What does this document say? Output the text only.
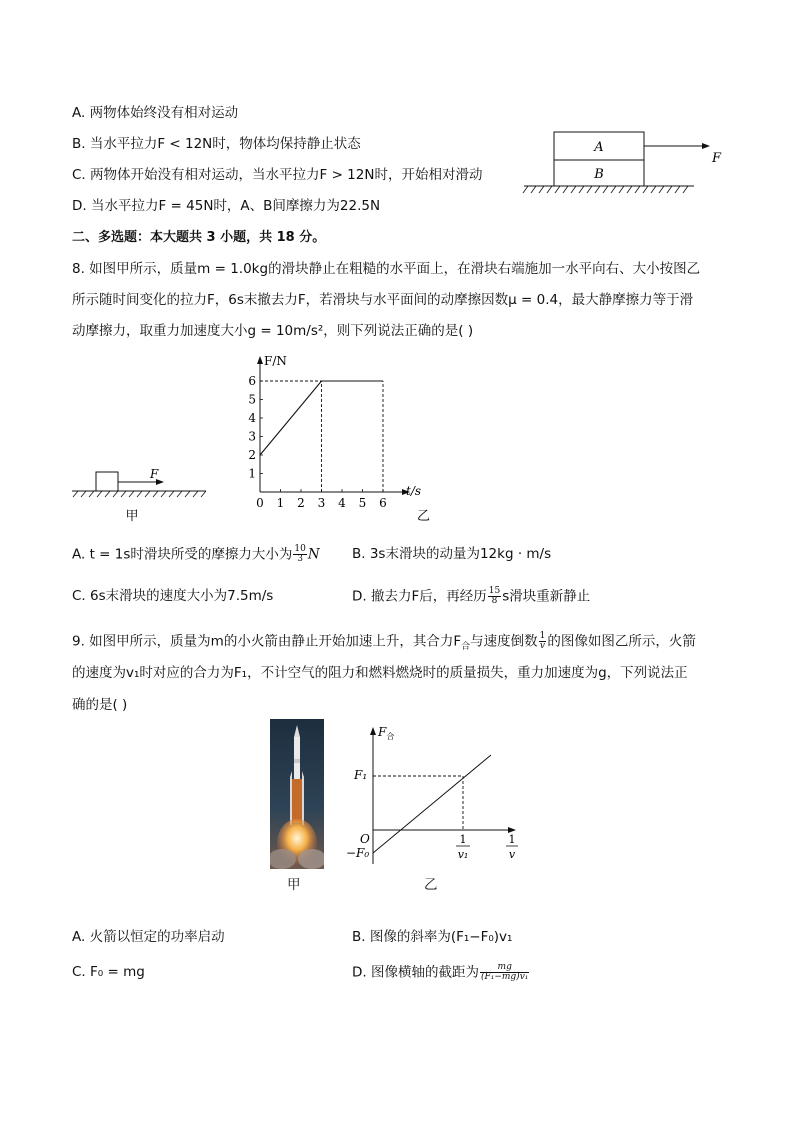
A. 两物体始终没有相对运动
B. 当水平拉力F < 12N时，物体均保持静止状态
C. 两物体开始没有相对运动，当水平拉力F > 12N时，开始相对滑动
D. 当水平拉力F = 45N时，A、B间摩擦力为22.5N
A
B
F
二、多选题：本大题共 3 小题，共 18 分。
8. 如图甲所示，质量m = 1.0kg的滑块静止在粗糙的水平面上，在滑块右端施加一水平向右、大小按图乙
所示随时间变化的拉力F，6s末撤去力F，若滑块与水平面间的动摩擦因数μ = 0.4，最大静摩擦力等于滑
动摩擦力，取重力加速度大小g = 10m/s²，则下列说法正确的是( )
F
甲
F/N
t/s
乙
0 1 2 3 4 5 6
1
2
3
4
5
6
A. t = 1s时滑块所受的摩擦力大小为 $\frac{10}{3}$ N B. 3s末滑块的动量为12kg · m/s
C. 6s末滑块的速度大小为7.5m/s	D. 撤去力F后，再经历 $\frac{15}{8}$ s滑块重新静止
9. 如图甲所示，质量为m的小火箭由静止开始加速上升，其合力$F_合$与速度倒数 $\frac{1}{v}$ 的图像如图乙所示，火箭
的速度为v₁时对应的合力为F₁，不计空气的阻力和燃料燃烧时的质量损失，重力加速度为g，下列说法正
确的是( )
甲
$F_合$
O
−F₀
F₁
1
v₁
1
v
乙
A. 火箭以恒定的功率启动	B. 图像的斜率为(F₁−F₀)v₁
C. F₀ = mg	D. 图像横轴的截距为 $\frac{mg}{\text{(F₁−mg)v₁}}$
